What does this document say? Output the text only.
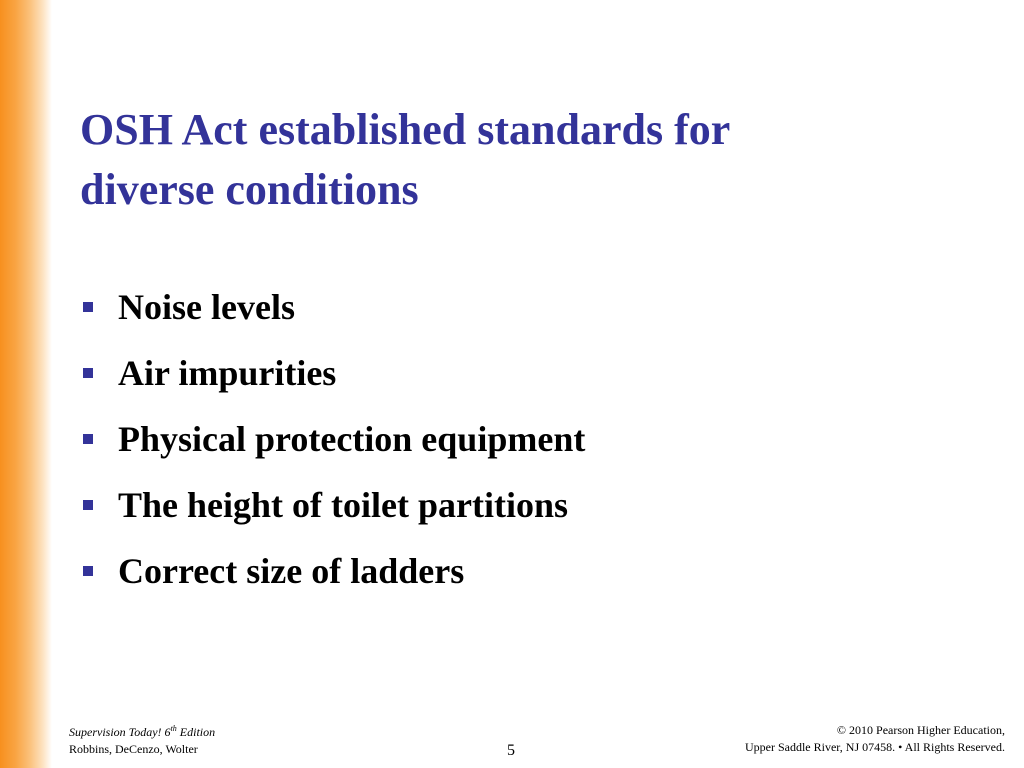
OSH Act established standards for
diverse conditions
Noise levels
Air impurities
Physical protection equipment
The height of toilet partitions
Correct size of ladders
Supervision Today! 6th Edition
Robbins, DeCenzo, Wolter	5
© 2010 Pearson Higher Education,
Upper Saddle River, NJ 07458. • All Rights Reserved.
